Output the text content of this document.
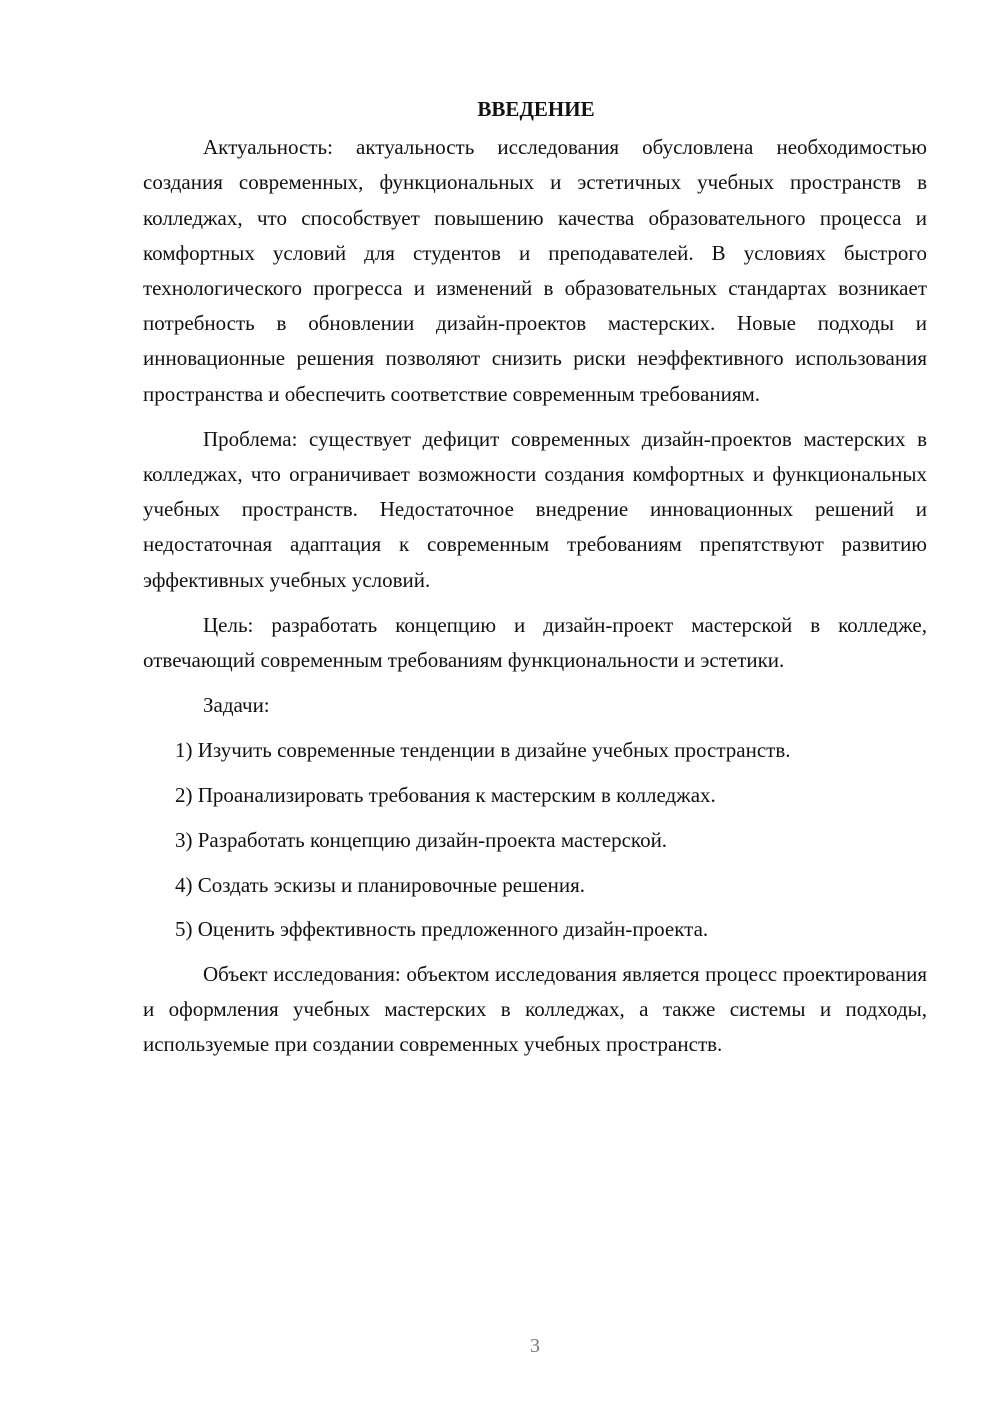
ВВЕДЕНИЕ

Актуальность: актуальность исследования обусловлена необходимостью создания современных, функциональных и эстетичных учебных пространств в колледжах, что способствует повышению качества образовательного процесса и комфортных условий для студентов и преподавателей. В условиях быстрого технологического прогресса и изменений в образовательных стандартах возникает потребность в обновлении дизайн-проектов мастерских. Новые подходы и инновационные решения позволяют снизить риски неэффективного использования пространства и обеспечить соответствие современным требованиям.

Проблема: существует дефицит современных дизайн-проектов мастерских в колледжах, что ограничивает возможности создания комфортных и функциональных учебных пространств. Недостаточное внедрение инновационных решений и недостаточная адаптация к современным требованиям препятствуют развитию эффективных учебных условий.

Цель: разработать концепцию и дизайн-проект мастерской в колледже, отвечающий современным требованиям функциональности и эстетики.

Задачи:

1) Изучить современные тенденции в дизайне учебных пространств.

2) Проанализировать требования к мастерским в колледжах.

3) Разработать концепцию дизайн-проекта мастерской.

4) Создать эскизы и планировочные решения.

5) Оценить эффективность предложенного дизайн-проекта.

Объект исследования: объектом исследования является процесс проектирования и оформления учебных мастерских в колледжах, а также системы и подходы, используемые при создании современных учебных пространств.

3
